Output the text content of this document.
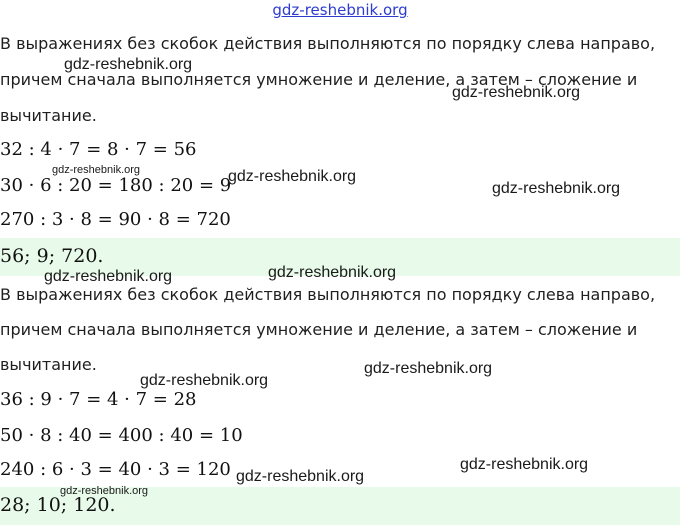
gdz-reshebnik.org
В выражениях без скобок действия выполняются по порядку слева направо,
причем сначала выполняется умножение и деление, а затем – сложение и
вычитание.
32 : 4 · 7 = 8 · 7 = 56
30 · 6 : 20 = 180 : 20 = 9
270 : 3 · 8 = 90 · 8 = 720
56; 9; 720.
В выражениях без скобок действия выполняются по порядку слева направо,
причем сначала выполняется умножение и деление, а затем – сложение и
вычитание.
36 : 9 · 7 = 4 · 7 = 28
50 · 8 : 40 = 400 : 40 = 10
240 : 6 · 3 = 40 · 3 = 120
28; 10; 120.
gdz-reshebnik.org
gdz-reshebnik.org
gdz-reshebnik.org	gdz-reshebnik.org
gdz-reshebnik.org
gdz-reshebnik.org
gdz-reshebnik.org
gdz-reshebnik.org
gdz-reshebnik.org
gdz-reshebnik.org
gdz-reshebnik.org
gdz-reshebnik.org
